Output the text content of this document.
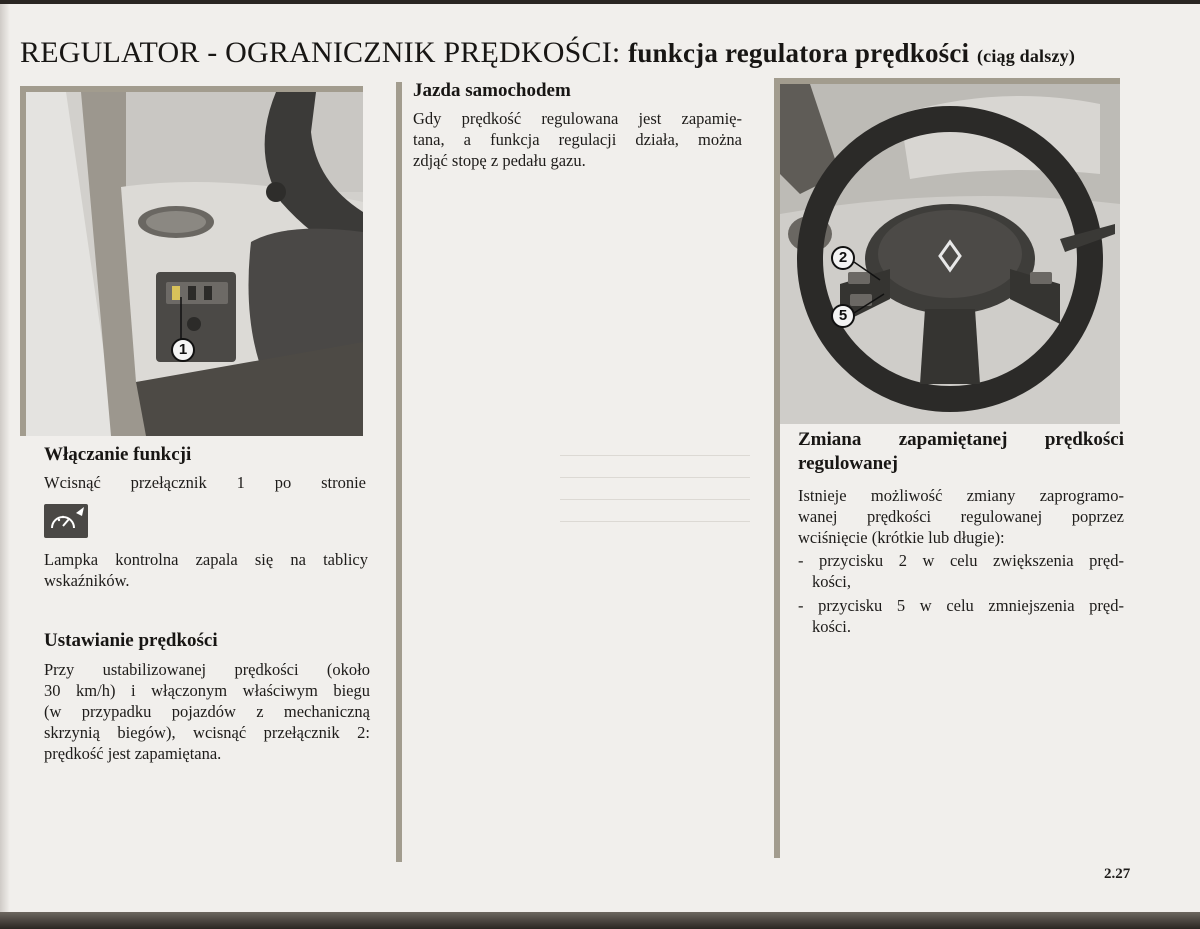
REGULATOR - OGRANICZNIK PRĘDKOŚCI: funkcja regulatora prędkości (ciąg dalszy)
1
Włączanie funkcji
Wcisnąć przełącznik 1 po stronie
Lampka kontrolna zapala się na tablicy
wskaźników.
Ustawianie prędkości
Przy ustabilizowanej prędkości (około
30 km/h) i włączonym właściwym biegu
(w przypadku pojazdów z mechaniczną
skrzynią biegów), wcisnąć przełącznik 2:
prędkość jest zapamiętana.
Jazda samochodem
Gdy prędkość regulowana jest zapamię-
tana, a funkcja regulacji działa, można
zdjąć stopę z pedału gazu.
2
5
Zmiana zapamiętanej prędkości
regulowanej
Istnieje możliwość zmiany zaprogramo-
wanej prędkości regulowanej poprzez
wciśnięcie (krótkie lub długie):
- przycisku 2 w celu zwiększenia pręd-
kości,
- przycisku 5 w celu zmniejszenia pręd-
kości.
2.27
